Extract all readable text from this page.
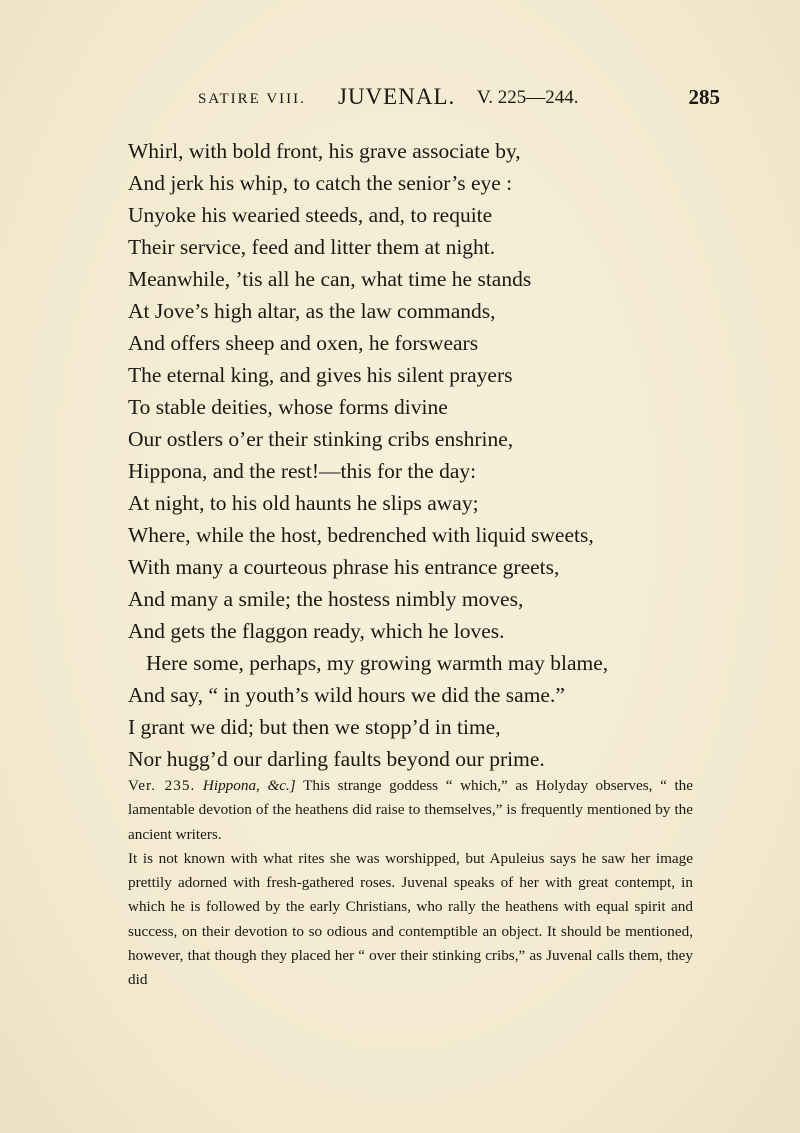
SATIRE VIII. JUVENAL. V. 225—244.	285
Whirl, with bold front, his grave associate by,
And jerk his whip, to catch the senior’s eye :
Unyoke his wearied steeds, and, to requite
Their service, feed and litter them at night.
Meanwhile, ’tis all he can, what time he stands
At Jove’s high altar, as the law commands,
And offers sheep and oxen, he forswears
The eternal king, and gives his silent prayers
To stable deities, whose forms divine
Our ostlers o’er their stinking cribs enshrine,
Hippona, and the rest!—this for the day:
At night, to his old haunts he slips away;
Where, while the host, bedrenched with liquid sweets,
With many a courteous phrase his entrance greets,
And many a smile; the hostess nimbly moves,
And gets the flaggon ready, which he loves.
Here some, perhaps, my growing warmth may blame,
And say, “ in youth’s wild hours we did the same.”
I grant we did; but then we stopp’d in time,
Nor hugg’d our darling faults beyond our prime.

Ver. 235. Hippona, &c.] This strange goddess “ which,” as Holyday observes, “ the lamentable devotion of the heathens did raise to themselves,” is frequently mentioned by the ancient writers.

It is not known with what rites she was worshipped, but Apuleius says he saw her image prettily adorned with fresh-gathered roses. Juvenal speaks of her with great contempt, in which he is followed by the early Christians, who rally the heathens with equal spirit and success, on their devotion to so odious and contemptible an object. It should be mentioned, however, that though they placed her “ over their stinking cribs,” as Juvenal calls them, they did
